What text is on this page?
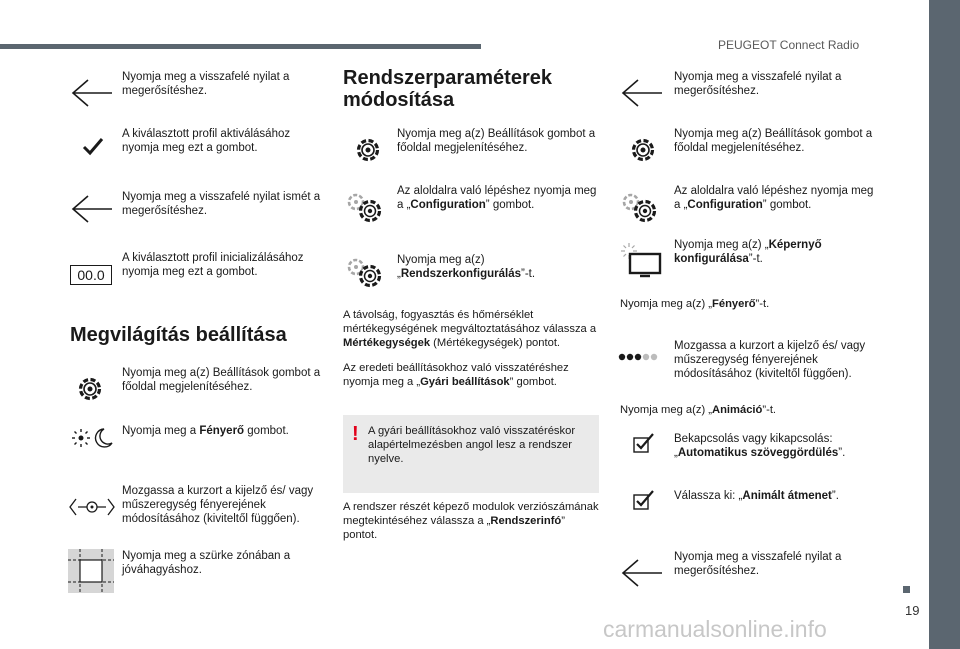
PEUGEOT Connect Radio
19
carmanualsonline.info
Nyomja meg a visszafelé nyilat a megerősítéshez.
A kiválasztott profil aktiválásához nyomja meg ezt a gombot.
Nyomja meg a visszafelé nyilat ismét a megerősítéshez.
00.0
A kiválasztott profil inicializálásához nyomja meg ezt a gombot.
Megvilágítás beállítása
Nyomja meg a(z) Beállítások gombot a főoldal megjelenítéséhez.
Nyomja meg a Fényerő gombot.
Mozgassa a kurzort a kijelző és/ vagy műszeregység fényerejének módosításához (kiviteltől függően).
Nyomja meg a szürke zónában a jóváhagyáshoz.
Rendszerparaméterek
módosítása
Nyomja meg a(z) Beállítások gombot a főoldal megjelenítéséhez.
Az aloldalra való lépéshez nyomja meg a „Configuration” gombot.
Nyomja meg a(z) „Rendszerkonfigurálás”-t.
A távolság, fogyasztás és hőmérséklet mértékegységének megváltoztatásához válassza a Mértékegységek (Mértékegységek) pontot.
Az eredeti beállításokhoz való visszatéréshez nyomja meg a „Gyári beállítások” gombot.
! A gyári beállításokhoz való visszatéréskor alapértelmezésben angol lesz a rendszer nyelve.
A rendszer részét képező modulok verziószámának megtekintéséhez válassza a „Rendszerinfó” pontot.
Nyomja meg a visszafelé nyilat a megerősítéshez.
Nyomja meg a(z) Beállítások gombot a főoldal megjelenítéséhez.
Az aloldalra való lépéshez nyomja meg a „Configuration” gombot.
Nyomja meg a(z) „Képernyő konfigurálása”-t.
Nyomja meg a(z) „Fényerő”-t.
Mozgassa a kurzort a kijelző és/ vagy műszeregység fényerejének módosításához (kiviteltől függően).
Nyomja meg a(z) „Animáció”-t.
Bekapcsolás vagy kikapcsolás: „Automatikus szöveggördülés”.
Válassza ki: „Animált átmenet”.
Nyomja meg a visszafelé nyilat a megerősítéshez.
